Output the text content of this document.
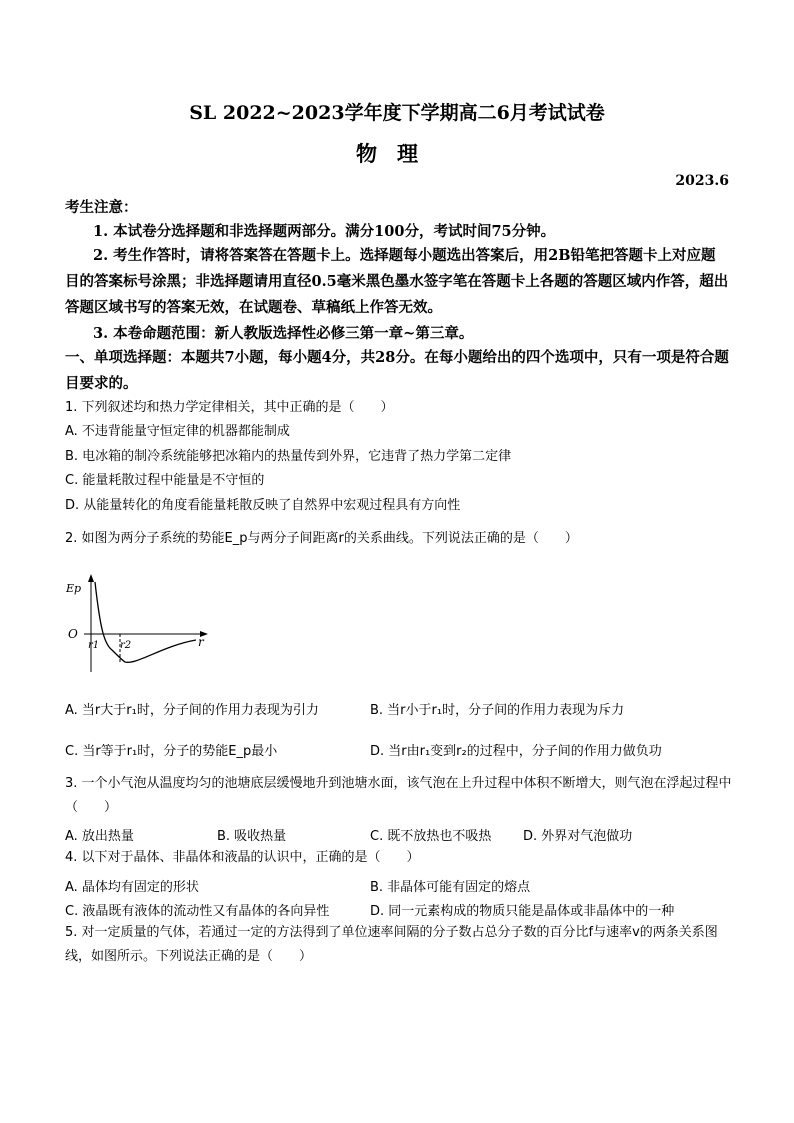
SL 2022~2023学年度下学期高二6月考试试卷
物理
2023.6
考生注意：
1. 本试卷分选择题和非选择题两部分。满分100分，考试时间75分钟。
2. 考生作答时，请将答案答在答题卡上。选择题每小题选出答案后，用2B铅笔把答题卡上对应题目的答案标号涂黑；非选择题请用直径0.5毫米黑色墨水签字笔在答题卡上各题的答题区域内作答，超出答题区域书写的答案无效，在试题卷、草稿纸上作答无效。
3. 本卷命题范围：新人教版选择性必修三第一章~第三章。
一、单项选择题：本题共7小题，每小题4分，共28分。在每小题给出的四个选项中，只有一项是符合题目要求的。
1. 下列叙述均和热力学定律相关，其中正确的是（　　）
A. 不违背能量守恒定律的机器都能制成
B. 电冰箱的制冷系统能够把冰箱内的热量传到外界，它违背了热力学第二定律
C. 能量耗散过程中能量是不守恒的
D. 从能量转化的角度看能量耗散反映了自然界中宏观过程具有方向性
2. 如图为两分子系统的势能E_p与两分子间距离r的关系曲线。下列说法正确的是（　　）
Ep
O
r1 r2	r
A. 当r大于r₁时，分子间的作用力表现为引力	B. 当r小于r₁时，分子间的作用力表现为斥力
C. 当r等于r₁时，分子的势能E_p最小	D. 当r由r₁变到r₂的过程中，分子间的作用力做负功
3. 一个小气泡从温度均匀的池塘底层缓慢地升到池塘水面，该气泡在上升过程中体积不断增大，则气泡在浮起过程中（　　）
A. 放出热量	B. 吸收热量	C. 既不放热也不吸热 D. 外界对气泡做功
4. 以下对于晶体、非晶体和液晶的认识中，正确的是（　　）
A. 晶体均有固定的形状	B. 非晶体可能有固定的熔点
C. 液晶既有液体的流动性又有晶体的各向异性	D. 同一元素构成的物质只能是晶体或非晶体中的一种
5. 对一定质量的气体，若通过一定的方法得到了单位速率间隔的分子数占总分子数的百分比f与速率v的两条关系图线，如图所示。下列说法正确的是（　　）
